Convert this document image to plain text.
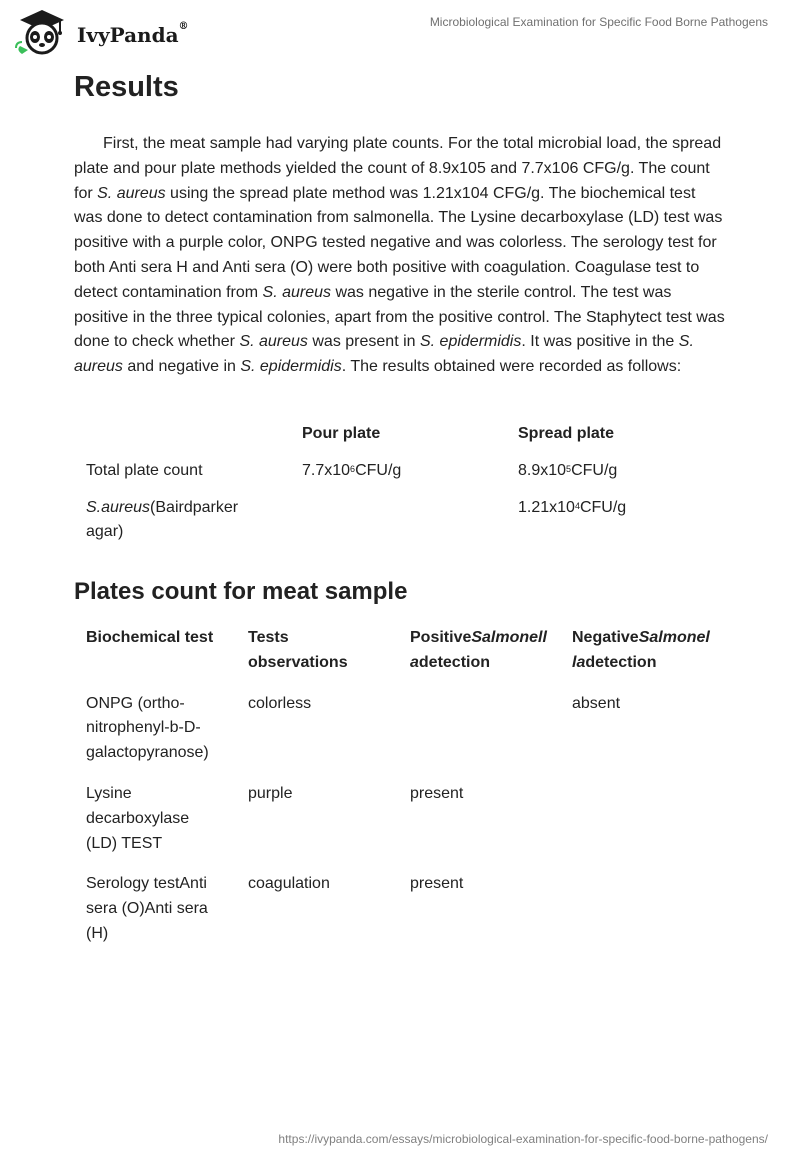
IvyPanda®	Microbiological Examination for Specific Food Borne Pathogens
Results

First, the meat sample had varying plate counts. For the total microbial load, the spread plate and pour plate methods yielded the count of 8.9x105 and 7.7x106 CFG/g. The count for S. aureus using the spread plate method was 1.21x104 CFG/g. The biochemical test was done to detect contamination from salmonella. The Lysine decarboxylase (LD) test was positive with a purple color, ONPG tested negative and was colorless. The serology test for both Anti sera H and Anti sera (O) were both positive with coagulation. Coagulase test to detect contamination from S. aureus was negative in the sterile control. The test was positive in the three typical colonies, apart from the positive control. The Staphytect test was done to check whether S. aureus was present in S. epidermidis. It was positive in the S. aureus and negative in S. epidermidis. The results obtained were recorded as follows:

	Pour plate	Spread plate
Total plate count	$7.7x10^6CFU/g$	$8.9x10^5CFU/g$
S.aureus(Bairdparker agar)		$1.21x10^4CFU/g$
Plates count for meat sample
Biochemical test	Tests observations	PositiveSalmonelladetection	NegativeSalmonelladetection
ONPG (ortho-nitrophenyl-b-D-galactopyranose)	colorless		absent
Lysine decarboxylase (LD) TEST	purple	present	
Serology testAnti sera (O)Anti sera (H)	coagulation	present	
https://ivypanda.com/essays/microbiological-examination-for-specific-food-borne-pathogens/
